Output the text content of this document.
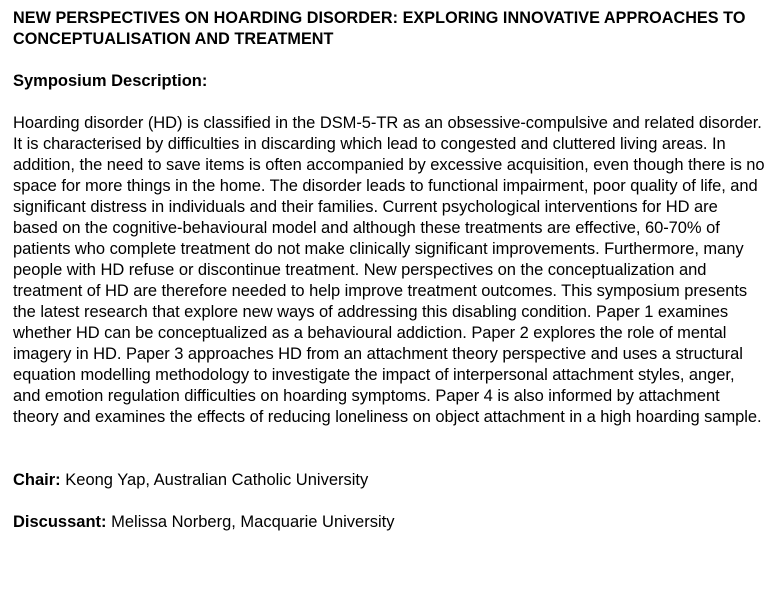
NEW PERSPECTIVES ON HOARDING DISORDER: EXPLORING INNOVATIVE APPROACHES TO CONCEPTUALISATION AND TREATMENT

Symposium Description:

Hoarding disorder (HD) is classified in the DSM-5-TR as an obsessive-compulsive and related disorder. It is characterised by difficulties in discarding which lead to congested and cluttered living areas. In addition, the need to save items is often accompanied by excessive acquisition, even though there is no space for more things in the home. The disorder leads to functional impairment, poor quality of life, and significant distress in individuals and their families. Current psychological interventions for HD are based on the cognitive-behavioural model and although these treatments are effective, 60-70% of patients who complete treatment do not make clinically significant improvements. Furthermore, many people with HD refuse or discontinue treatment. New perspectives on the conceptualization and treatment of HD are therefore needed to help improve treatment outcomes. This symposium presents the latest research that explore new ways of addressing this disabling condition. Paper 1 examines whether HD can be conceptualized as a behavioural addiction. Paper 2 explores the role of mental imagery in HD. Paper 3 approaches HD from an attachment theory perspective and uses a structural equation modelling methodology to investigate the impact of interpersonal attachment styles, anger, and emotion regulation difficulties on hoarding symptoms. Paper 4 is also informed by attachment theory and examines the effects of reducing loneliness on object attachment in a high hoarding sample.

Chair: Keong Yap, Australian Catholic University

Discussant: Melissa Norberg, Macquarie University
